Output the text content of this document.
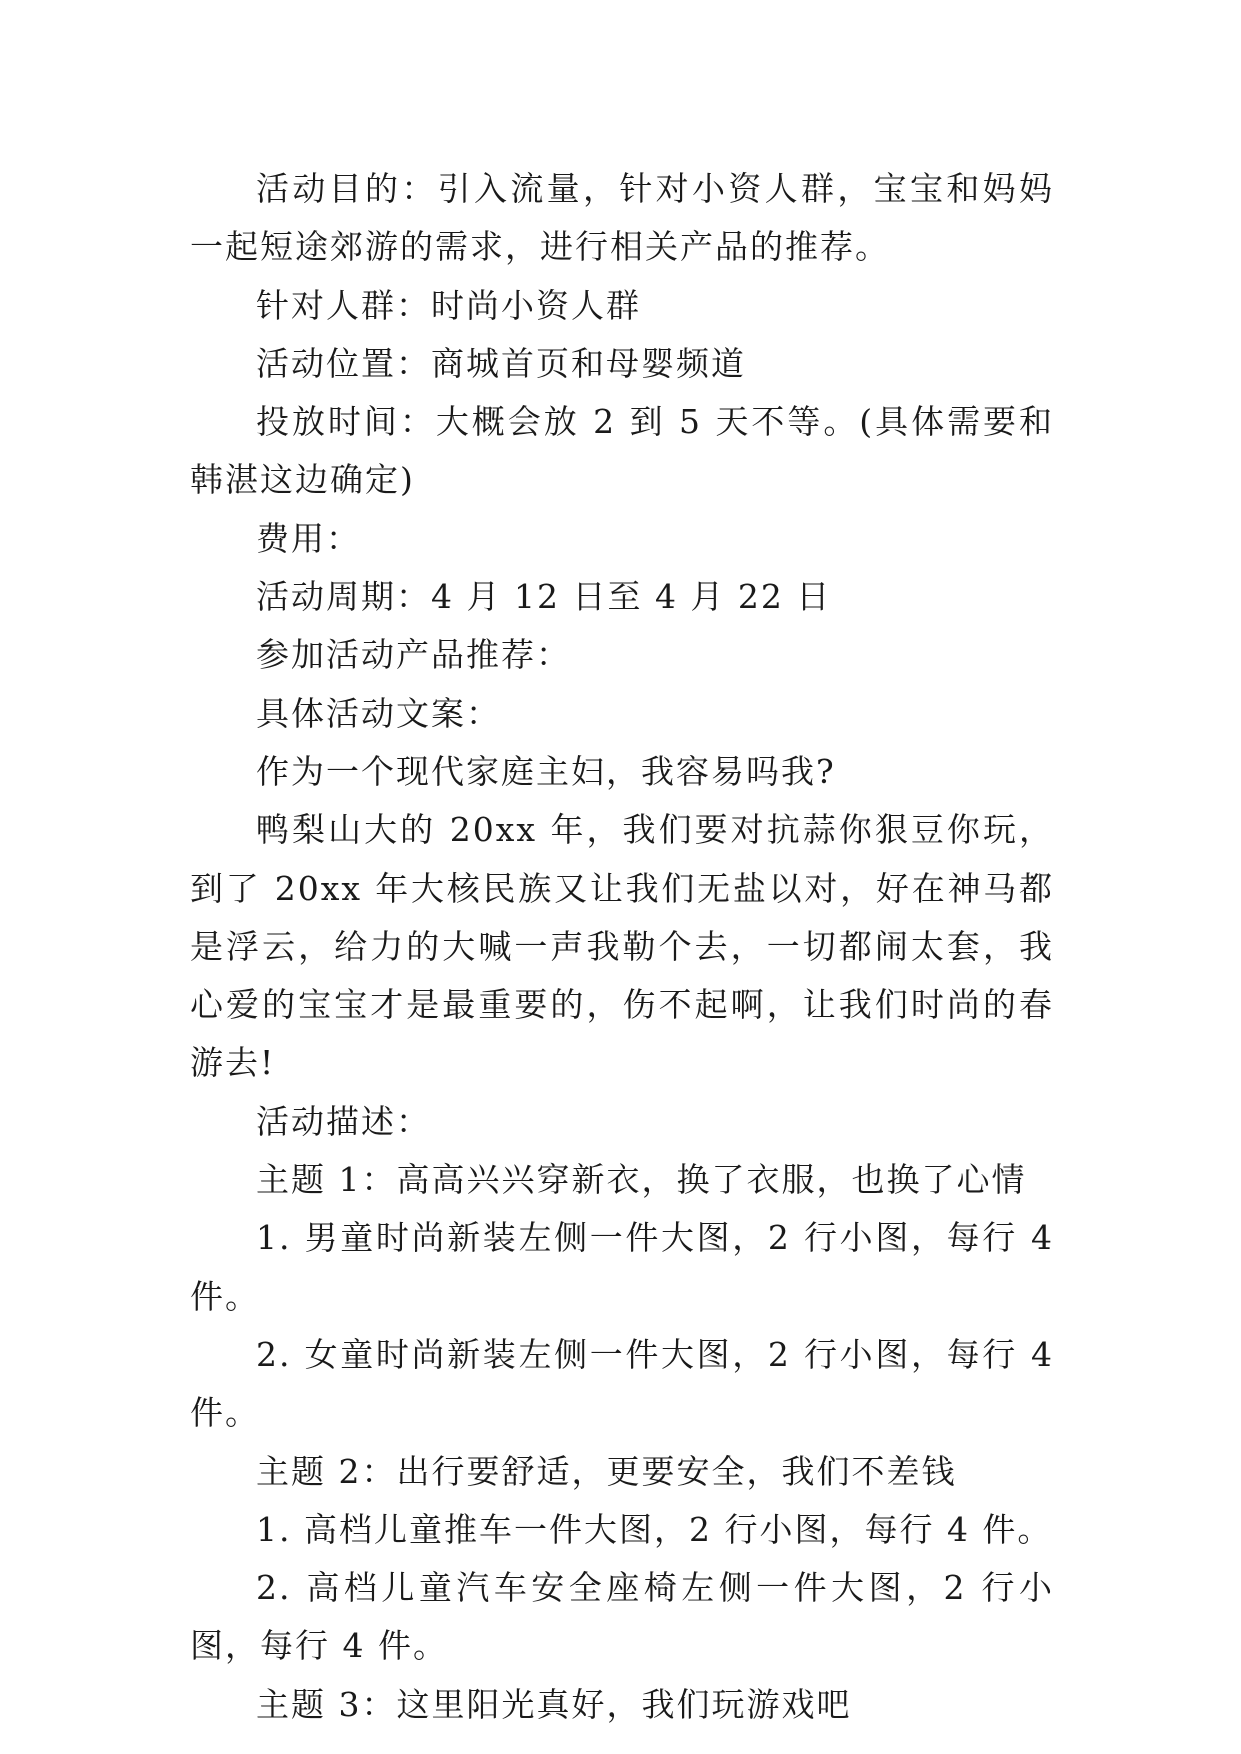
活动目的：引入流量，针对小资人群，宝宝和妈妈一起短途郊游的需求，进行相关产品的推荐。

针对人群：时尚小资人群

活动位置：商城首页和母婴频道

投放时间：大概会放 2 到 5 天不等。(具体需要和韩湛这边确定)

费用：

活动周期：4 月 12 日至 4 月 22 日

参加活动产品推荐：

具体活动文案：

作为一个现代家庭主妇，我容易吗我?

鸭梨山大的 20xx 年，我们要对抗蒜你狠豆你玩，到了 20xx 年大核民族又让我们无盐以对，好在神马都是浮云，给力的大喊一声我勒个去，一切都闹太套，我心爱的宝宝才是最重要的，伤不起啊，让我们时尚的春游去!

活动描述：

主题 1：高高兴兴穿新衣，换了衣服，也换了心情

1. 男童时尚新装左侧一件大图，2 行小图，每行 4 件。

2. 女童时尚新装左侧一件大图，2 行小图，每行 4 件。

主题 2：出行要舒适，更要安全，我们不差钱

1. 高档儿童推车一件大图，2 行小图，每行 4 件。

2. 高档儿童汽车安全座椅左侧一件大图，2 行小图，每行 4 件。

主题 3：这里阳光真好，我们玩游戏吧
